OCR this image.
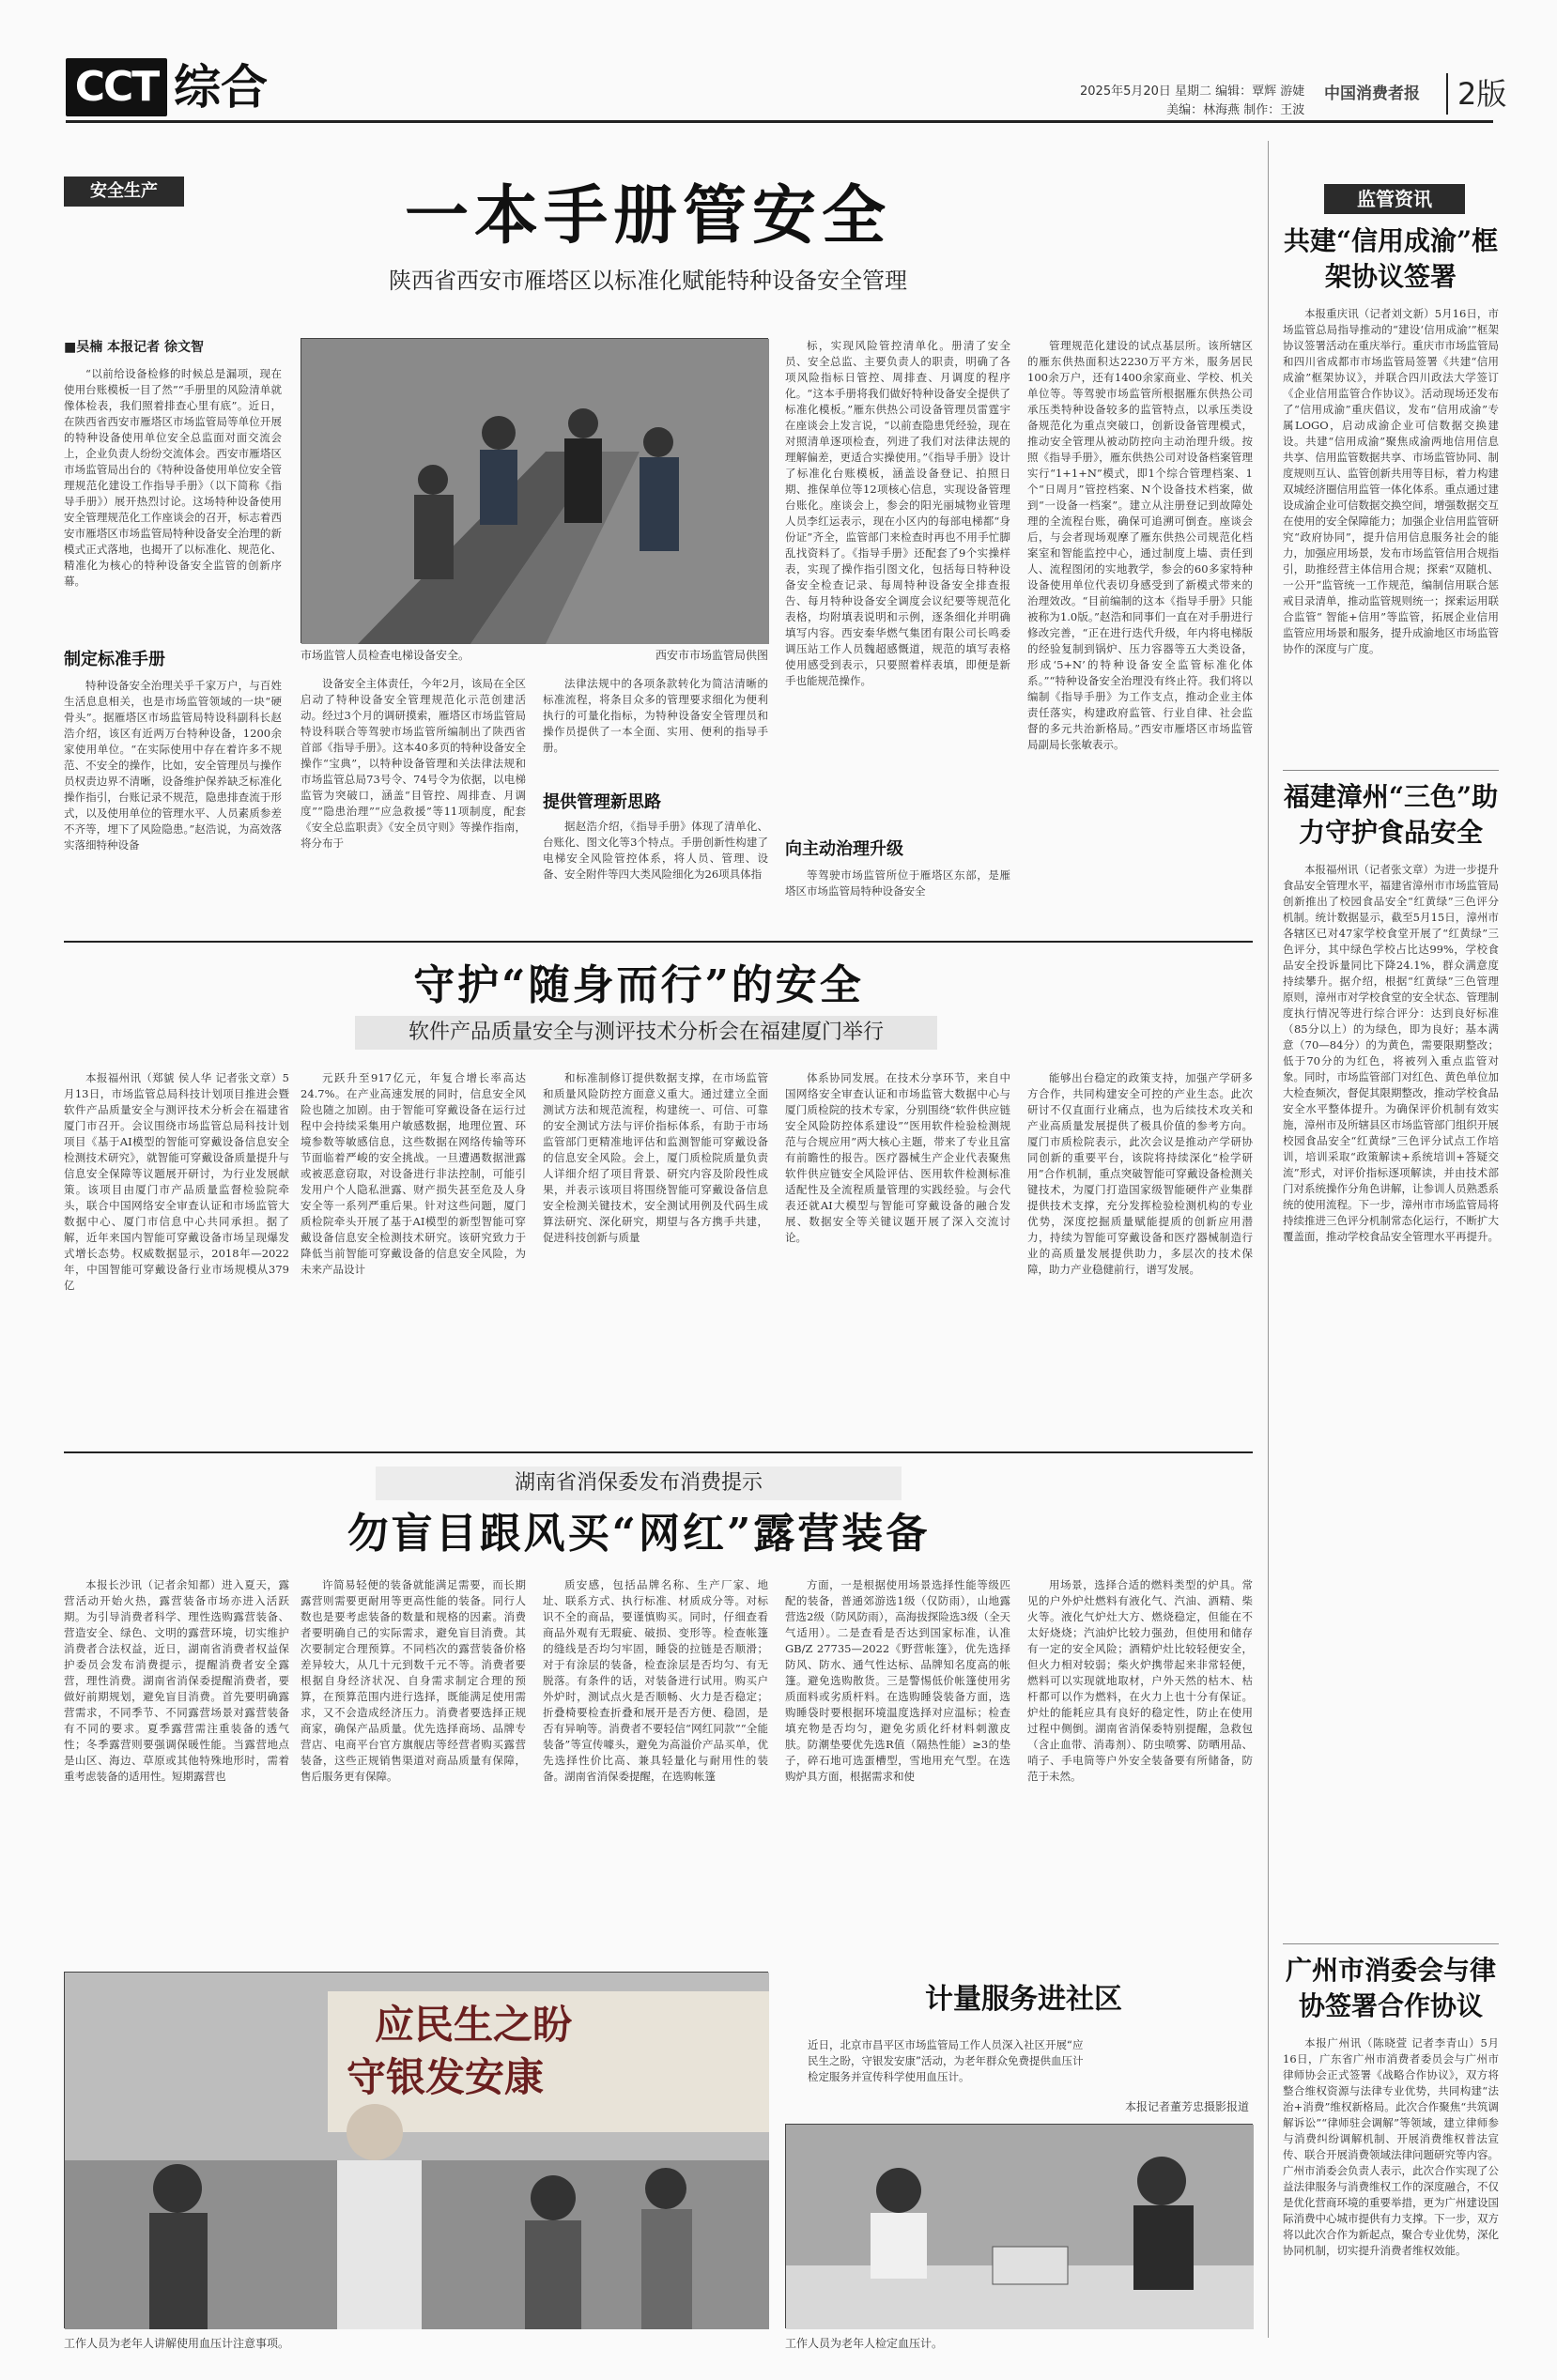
CCT 综合	2025年5月20日 星期二 编辑：覃辉 游婕
美编：林海燕 制作：王波
中国消费者报	2版
安全生产	一本手册管安全
陕西省西安市雁塔区以标准化赋能特种设备安全管理
■吴楠 本报记者 徐文智
“以前给设备检修的时候总是漏项，现在使用台账模板一目了然”“手册里的风险清单就像体检表，我们照着排查心里有底”。近日，在陕西省西安市雁塔区市场监管局等单位开展的特种设备使用单位安全总监面对面交流会上，企业负责人纷纷交流体会。西安市雁塔区市场监管局出台的《特种设备使用单位安全管理规范化建设工作指导手册》（以下简称《指导手册》）展开热烈讨论。这场特种设备使用安全管理规范化工作座谈会的召开，标志着西安市雁塔区市场监管局特种设备安全治理的新模式正式落地，也揭开了以标准化、规范化、精准化为核心的特种设备安全监管的创新序幕。
制定标准手册
特种设备安全治理关乎千家万户，与百姓生活息息相关，也是市场监管领域的一块“硬骨头”。据雁塔区市场监管局特设科副科长赵浩介绍，该区有近两万台特种设备，1200余家使用单位。“在实际使用中存在着许多不规范、不安全的操作，比如，安全管理员与操作员权责边界不清晰，设备维护保养缺乏标准化操作指引，台账记录不规范，隐患排查流于形式，以及使用单位的管理水平、人员素质参差不齐等，埋下了风险隐患。”赵浩说，为高效落实落细特种设备
市场监管人员检查电梯设备安全。	西安市市场监管局供图
设备安全主体责任，今年2月，该局在全区启动了特种设备安全管理规范化示范创建活动。经过3个月的调研摸索，雁塔区市场监管局特设科联合等驾驶市场监管所编制出了陕西省首部《指导手册》。这本40多页的特种设备安全操作“宝典”，以特种设备管理和关法律法规和市场监管总局73号令、74号令为依据，以电梯监管为突破口，涵盖“目管控、周排查、月调度”“隐患治理”“应急救援”等11项制度，配套《安全总监职责》《安全员守则》等操作指南，将分布于
法律法规中的各项条款转化为简洁清晰的标准流程，将条目众多的管理要求细化为便利执行的可量化指标，为特种设备安全管理员和操作员提供了一本全面、实用、便利的指导手册。
提供管理新思路
据赵浩介绍，《指导手册》体现了清单化、台账化、图文化等3个特点。手册创新性构建了电梯安全风险管控体系，将人员、管理、设备、安全附件等四大类风险细化为26项具体指
标，实现风险管控清单化。册清了安全员、安全总监、主要负责人的职责，明确了各项风险指标日管控、周排查、月调度的程序化。“这本手册将我们做好特种设备安全提供了标准化模板。”雁东供热公司设备管理员雷霆宇在座谈会上发言说，“以前查隐患凭经验，现在对照清单逐项检查，列进了我们对法律法规的理解偏差，更适合实操使用。”《指导手册》设计了标准化台账模板，涵盖设备登记、拍照日期、推保单位等12项核心信息，实现设备管理台账化。座谈会上，参会的阳光丽城物业管理人员李红运表示，现在小区内的每部电梯都“身份证”齐全，监管部门来检查时再也不用手忙脚乱找资料了。《指导手册》还配套了9个实操样表，实现了操作指引图文化，包括每日特种设备安全检查记录、每周特种设备安全排查报告、每月特种设备安全调度会议纪要等规范化表格，均附填表说明和示例，逐条细化并明确填写内容。西安秦华燃气集团有限公司长鸣委调压站工作人员魏超感慨道，规范的填写表格使用感受到表示，只要照着样表填，即便是新手也能规范操作。
向主动治理升级
等驾驶市场监管所位于雁塔区东部，是雁塔区市场监管局特种设备安全
管理规范化建设的试点基层所。该所辖区的雁东供热面积达2230万平方米，服务居民100余万户，还有1400余家商业、学校、机关单位等。等驾驶市场监管所根据雁东供热公司承压类特种设备较多的监管特点，以承压类设备规范化为重点突破口，创新设备管理模式，推动安全管理从被动防控向主动治理升级。按照《指导手册》，雁东供热公司对设备档案管理实行“1+1+N”模式，即1个综合管理档案、1个“日周月”管控档案、N个设备技术档案，做到“一设备一档案”。建立从注册登记到故障处理的全流程台账，确保可追溯可倒查。座谈会后，与会者现场观摩了雁东供热公司规范化档案室和智能监控中心，通过制度上墙、责任到人、流程图闭的实地教学，参会的60多家特种设备使用单位代表切身感受到了新模式带来的治理效改。“目前编制的这本《指导手册》只能被称为1.0版。”赵浩和同事们一直在对手册进行修改完善，“正在进行迭代升级，年内将电梯版的经验复制到锅炉、压力容器等五大类设备，形成‘5+N’的特种设备安全监管标准化体系。”“特种设备安全治理没有终止符。我们将以编制《指导手册》为工作支点，推动企业主体责任落实，构建政府监管、行业自律、社会监督的多元共治新格局。”西安市雁塔区市场监管局副局长张敏表示。
守护“随身而行”的安全
软件产品质量安全与测评技术分析会在福建厦门举行
本报福州讯（郑䝞 侯人华 记者张文章）5月13日，市场监管总局科技计划项目推进会暨软件产品质量安全与测评技术分析会在福建省厦门市召开。会议围绕市场监管总局科技计划项目《基于AI模型的智能可穿戴设备信息安全检测技术研究》，就智能可穿戴设备质量提升与信息安全保障等议题展开研讨，为行业发展献策。该项目由厦门市产品质量监督检验院牵头，联合中国网络安全审查认证和市场监管大数据中心、厦门市信息中心共同承担。据了解，近年来国内智能可穿戴设备市场呈现爆发式增长态势。权威数据显示，2018年—2022年，中国智能可穿戴设备行业市场规模从379亿
元跃升至917亿元，年复合增长率高达24.7%。在产业高速发展的同时，信息安全风险也随之加剧。由于智能可穿戴设备在运行过程中会持续采集用户敏感数据，地理位置、环境参数等敏感信息，这些数据在网络传输等环节面临着严峻的安全挑战。一旦遭遇数据泄露或被恶意窃取，对设备进行非法控制，可能引发用户个人隐私泄露、财产损失甚至危及人身安全等一系列严重后果。针对这些问题，厦门质检院牵头开展了基于AI模型的新型智能可穿戴设备信息安全检测技术研究。该研究致力于降低当前智能可穿戴设备的信息安全风险，为未来产品设计
和标准制修订提供数据支撑，在市场监管和质量风险防控方面意义重大。通过建立全面测试方法和规范流程，构建统一、可信、可靠的安全测试方法与评价指标体系，有助于市场监管部门更精准地评估和监测智能可穿戴设备的信息安全风险。会上，厦门质检院质量负责人详细介绍了项目背景、研究内容及阶段性成果，并表示该项目将围绕智能可穿戴设备信息安全检测关键技术，安全测试用例及代码生成算法研究、深化研究，期望与各方携手共建，促进科技创新与质量
体系协同发展。在技术分享环节，来自中国网络安全审查认证和市场监管大数据中心与厦门质检院的技术专家，分别围绕“软件供应链安全风险防控体系建设”“医用软件检验检测规范与合规应用”两大核心主题，带来了专业且富有前瞻性的报告。医疗器械生产企业代表聚焦软件供应链安全风险评估、医用软件检测标准适配性及全流程质量管理的实践经验。与会代表还就AI大模型与智能可穿戴设备的融合发展、数据安全等关键议题开展了深入交流讨论。
能够出台稳定的政策支持，加强产学研多方合作，共同构建安全可控的产业生态。此次研讨不仅直面行业痛点，也为后续技术攻关和产业高质量发展提供了极具价值的参考方向。厦门市质检院表示，此次会议是推动产学研协同创新的重要平台，该院将持续深化“检学研用”合作机制，重点突破智能可穿戴设备检测关键技术，为厦门打造国家级智能硬件产业集群提供技术支撑，充分发挥检验检测机构的专业优势，深度挖掘质量赋能提质的创新应用潜力，持续为智能可穿戴设备和医疗器械制造行业的高质量发展提供助力，多层次的技术保障，助力产业稳健前行，谱写发展。
湖南省消保委发布消费提示
勿盲目跟风买“网红”露营装备
本报长沙讯（记者余知都）进入夏天，露营活动开始火热，露营装备市场亦进入活跃期。为引导消费者科学、理性选购露营装备、营造安全、绿色、文明的露营环境，切实维护消费者合法权益，近日，湖南省消费者权益保护委员会发布消费提示，提醒消费者安全露营，理性消费。湖南省消保委提醒消费者，要做好前期规划，避免盲目消费。首先要明确露营需求，不同季节、不同露营场景对露营装备有不同的要求。夏季露营需注重装备的透气性；冬季露营则要强调保暖性能。当露营地点是山区、海边、草原或其他特殊地形时，需着重考虑装备的适用性。短期露营也
许简易轻便的装备就能满足需要，而长期露营则需要更耐用等更高性能的装备。同行人数也是要考虑装备的数量和规格的因素。消费者要明确自己的实际需求，避免盲目消费。其次要制定合理预算。不同档次的露营装备价格差异较大，从几十元到数千元不等。消费者要根据自身经济状况、自身需求制定合理的预算，在预算范围内进行选择，既能满足使用需求，又不会造成经济压力。消费者要选择正规商家，确保产品质量。优先选择商场、品牌专营店、电商平台官方旗舰店等经营者购买露营装备，这些正规销售渠道对商品质量有保障，售后服务更有保障。
质安感，包括品牌名称、生产厂家、地址、联系方式、执行标准、材质成分等。对标识不全的商品，要谨慎购买。同时，仔细查看商品外观有无瑕疵、破损、变形等。检查帐篷的缝线是否均匀牢固，睡袋的拉链是否顺滑；对于有涂层的装备，检查涂层是否均匀、有无脱落。有条件的话，对装备进行试用。购买户外炉时，测试点火是否顺畅、火力是否稳定；折叠椅要检查折叠和展开是否方便、稳固，是否有异响等。消费者不要轻信“网红同款”“全能装备”等宣传噱头，避免为高溢价产品买单，优先选择性价比高、兼具轻量化与耐用性的装备。湖南省消保委提醒，在选购帐篷
方面，一是根据使用场景选择性能等级匹配的装备，普通郊游选1级（仅防雨），山地露营选2级（防风防雨），高海拔探险选3级（全天气适用）。二是查看是否达到国家标准，认准GB/Z 27735—2022《野营帐篷》，优先选择防风、防水、通气性达标、品牌知名度高的帐篷。避免选购散货。三是警惕低价帐篷使用劣质面料或劣质杆料。在选购睡袋装备方面，选购睡袋时要根据环境温度选择对应温标；检查填充物是否均匀，避免劣质化纤材料刺激皮肤。防潮垫要优先选R值（隔热性能）≥3的垫子，碎石地可选蛋槽型，雪地用充气型。在选购炉具方面，根据需求和使
用场景，选择合适的燃料类型的炉具。常见的户外炉灶燃料有液化气、汽油、酒精、柴火等。液化气炉灶大方、燃烧稳定，但能在不太好烧烧；汽油炉比较力强劲，但使用和储存有一定的安全风险；酒精炉灶比较轻便安全，但火力相对较弱；柴火炉携带起来非常轻便，燃料可以实现就地取材，户外天然的枯木、枯杆都可以作为燃料，在火力上也十分有保证。炉灶的能耗应具有良好的稳定性，防止在使用过程中侧倒。湖南省消保委特别提醒，急救包（含止血带、消毒剂）、防虫喷雾、防晒用品、哨子、手电筒等户外安全装备要有所储备，防范于未然。
应民生之盼
守银发安康
工作人员为老年人讲解使用血压计注意事项。
计量服务进社区
近日，北京市昌平区市场监管局工作人员深入社区开展“应民生之盼，守银发安康”活动，为老年群众免费提供血压计检定服务并宣传科学使用血压计。
本报记者董芳忠摄影报道
工作人员为老年人检定血压计。
监管资讯
共建“信用成渝”框架协议签署
本报重庆讯（记者刘文新）5月16日，市场监管总局指导推动的“建设‘信用成渝’”框架协议签署活动在重庆举行。重庆市市场监管局和四川省成都市市场监管局签署《共建“信用成渝”框架协议》，并联合四川政法大学签订《企业信用监管合作协议》。活动现场还发布了“信用成渝”重庆倡议，发布“信用成渝”专属LOGO，启动成渝企业可信数据交换建设。共建“信用成渝”聚焦成渝两地信用信息共享、信用监管数据共享、市场监管协同、制度规则互认、监管创新共用等目标，着力构建双城经济圈信用监管一体化体系。重点通过建设成渝企业可信数据交换空间，增强数据交互在使用的安全保障能力；加强企业信用监管研究“政府协同”，提升信用信息服务社会的能力，加强应用场景，发布市场监管信用合规指引，助推经营主体信用合规；探索“双随机、一公开”监管统一工作规范，编制信用联合惩戒目录清单，推动监管规则统一；探索运用联合监管“ 智能+信用”等监管，拓展企业信用监管应用场景和服务，提升成渝地区市场监管协作的深度与广度。
福建漳州“三色”助力守护食品安全
本报福州讯（记者张文章）为进一步提升食品安全管理水平，福建省漳州市市场监管局创新推出了校园食品安全“红黄绿”三色评分机制。统计数据显示，截至5月15日，漳州市各辖区已对47家学校食堂开展了“红黄绿”三色评分，其中绿色学校占比达99%，学校食品安全投诉量同比下降24.1%，群众满意度持续攀升。据介绍，根据“红黄绿”三色管理原则，漳州市对学校食堂的安全状态、管理制度执行情况等进行综合评分：达到良好标准（85分以上）的为绿色，即为良好；基本满意（70—84分）的为黄色，需要限期整改；低于70分的为红色，将被列入重点监管对象。同时，市场监管部门对红色、黄色单位加大检查频次，督促其限期整改，推动学校食品安全水平整体提升。为确保评价机制有效实施，漳州市及所辖县区市场监管部门组织开展校园食品安全“红黄绿”三色评分试点工作培训，培训采取“政策解读+系统培训+答疑交流”形式，对评价指标逐项解读，并由技术部门对系统操作分角色讲解，让参训人员熟悉系统的使用流程。下一步，漳州市市场监管局将持续推进三色评分机制常态化运行，不断扩大覆盖面，推动学校食品安全管理水平再提升。
广州市消委会与律协签署合作协议
本报广州讯（陈晓萱 记者李青山）5月16日，广东省广州市消费者委员会与广州市律师协会正式签署《战略合作协议》，双方将整合维权资源与法律专业优势，共同构建“法治+消费”维权新格局。此次合作聚焦“共筑调解诉讼”“律师驻会调解”等领域，建立律师参与消费纠纷调解机制、开展消费维权普法宣传、联合开展消费领域法律问题研究等内容。广州市消委会负责人表示，此次合作实现了公益法律服务与消费维权工作的深度融合，不仅是优化营商环境的重要举措，更为广州建设国际消费中心城市提供有力支撑。下一步，双方将以此次合作为新起点，聚合专业优势，深化协同机制，切实提升消费者维权效能。
